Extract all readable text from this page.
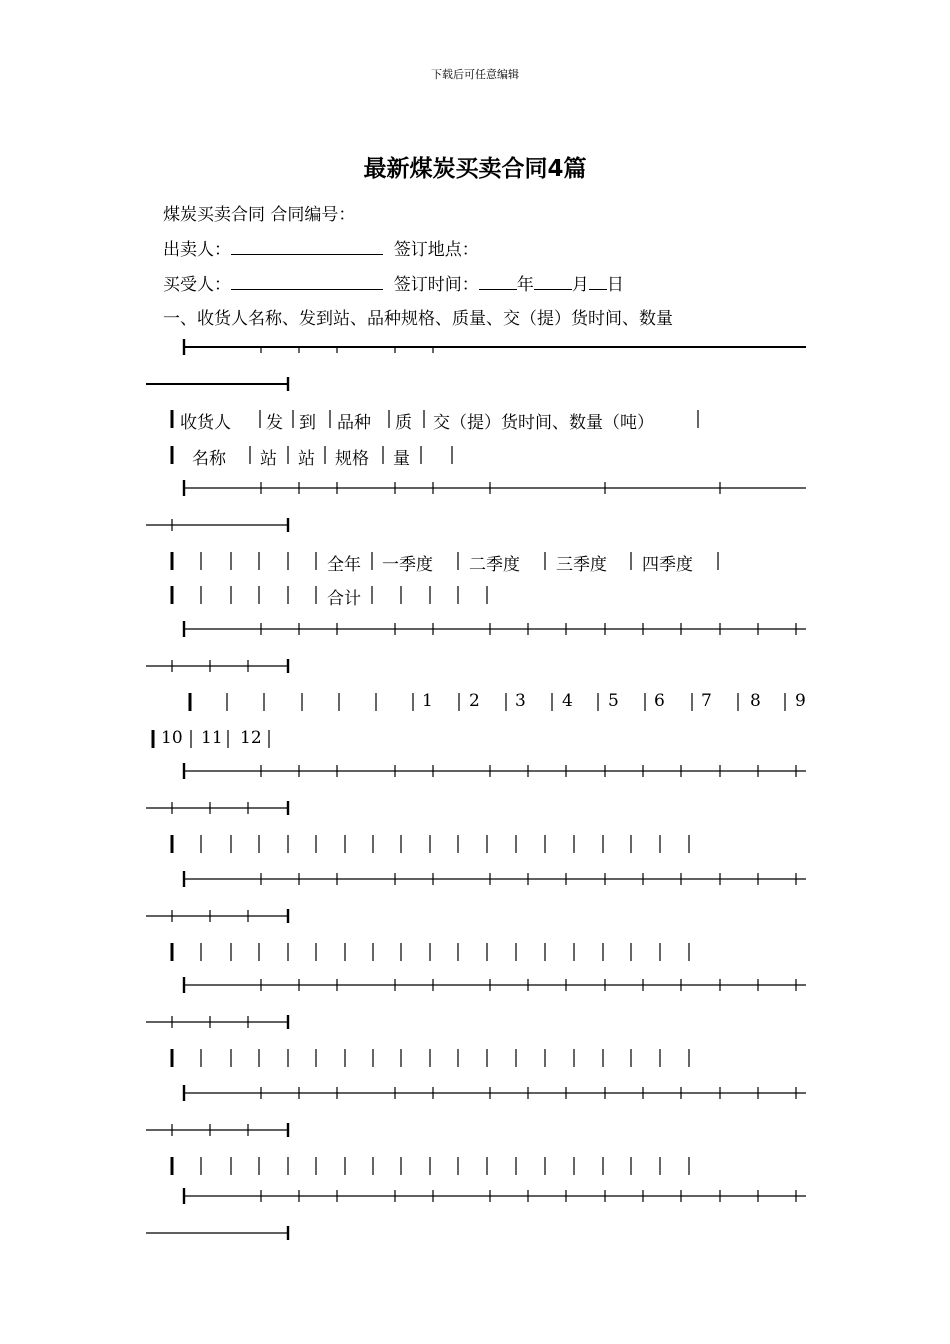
下载后可任意编辑
最新煤炭买卖合同4篇
煤炭买卖合同 合同编号：
出卖人：	签订地点：
买受人：	签订时间： 年 月 日
一、收货人名称、发到站、品种规格、质量、交（提）货时间、数量
收货人 发 到 品种 质 交（提）货时间、数量（吨）
名称 站 站 规格 量
全年 一季度 二季度 三季度 四季度
合计
1 2 3 4 5 6 7 8 9
10 11 12
